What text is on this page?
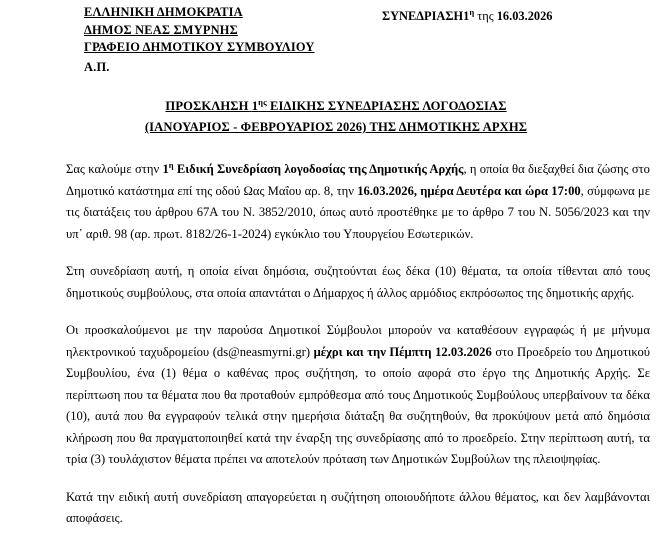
ΕΛΛΗΝΙΚΗ ΔΗΜΟΚΡΑΤΙΑ
ΔΗΜΟΣ ΝΕΑΣ ΣΜΥΡΝΗΣ
ΓΡΑΦΕΙΟ ΔΗΜΟΤΙΚΟΥ ΣΥΜΒΟΥΛΙΟΥ
Α.Π.
$\Sigma\Upsilon NE\Delta PIA\Sigma H1^\eta$ της 16.03.2026
ΠΡΟΣΚΛΗΣΗ $1^{\eta\varsigma}$ ΕΙΔΙΚΗΣ ΣΥΝΕΔΡΙΑΣΗΣ ΛΟΓΟΔΟΣΙΑΣ
(ΙΑΝΟΥΑΡΙΟΣ - ΦΕΒΡΟΥΑΡΙΟΣ 2026) ΤΗΣ ΔΗΜΟΤΙΚΗΣ ΑΡΧΗΣ

Σας καλούμε στην $1^\eta$ Ειδική Συνεδρίαση λογοδοσίας της Δημοτικής Αρχής, η οποία θα διεξαχθεί δια ζώσης στο Δημοτικό κατάστημα επί της οδού Ωας Μαΐου αρ. 8, την 16.03.2026, ημέρα Δευτέρα και ώρα 17:00, σύμφωνα με τις διατάξεις του άρθρου 67Α του Ν. 3852/2010, όπως αυτό προστέθηκε με το άρθρο 7 του Ν. 5056/2023 και την υπ᾽ αριθ. 98 (αρ. πρωτ. 8182/26-1-2024) εγκύκλιο του Υπουργείου Εσωτερικών.

Στη συνεδρίαση αυτή, η οποία είναι δημόσια, συζητούνται έως δέκα (10) θέματα, τα οποία τίθενται από τους δημοτικούς συμβούλους, στα οποία απαντάται ο Δήμαρχος ή άλλος αρμόδιος εκπρόσωπος της δημοτικής αρχής.

Οι προσκαλούμενοι με την παρούσα Δημοτικοί Σύμβουλοι μπορούν να καταθέσουν εγγραφώς ή με μήνυμα ηλεκτρονικού ταχυδρομείου (ds@neasmyrni.gr) μέχρι και την Πέμπτη 12.03.2026 στο Προεδρείο του Δημοτικού Συμβουλίου, ένα (1) θέμα ο καθένας προς συζήτηση, το οποίο αφορά στο έργο της Δημοτικής Αρχής. Σε περίπτωση που τα θέματα που θα προταθούν εμπρόθεσμα από τους Δημοτικούς Συμβούλους υπερβαίνουν τα δέκα (10), αυτά που θα εγγραφούν τελικά στην ημερήσια διάταξη θα συζητηθούν, θα προκύψουν μετά από δημόσια κλήρωση που θα πραγματοποιηθεί κατά την έναρξη της συνεδρίασης από το προεδρείο. Στην περίπτωση αυτή, τα τρία (3) τουλάχιστον θέματα πρέπει να αποτελούν πρόταση των Δημοτικών Συμβούλων της πλειοψηφίας.

Κατά την ειδική αυτή συνεδρίαση απαγορεύεται η συζήτηση οποιουδήποτε άλλου θέματος, και δεν λαμβάνονται αποφάσεις.
